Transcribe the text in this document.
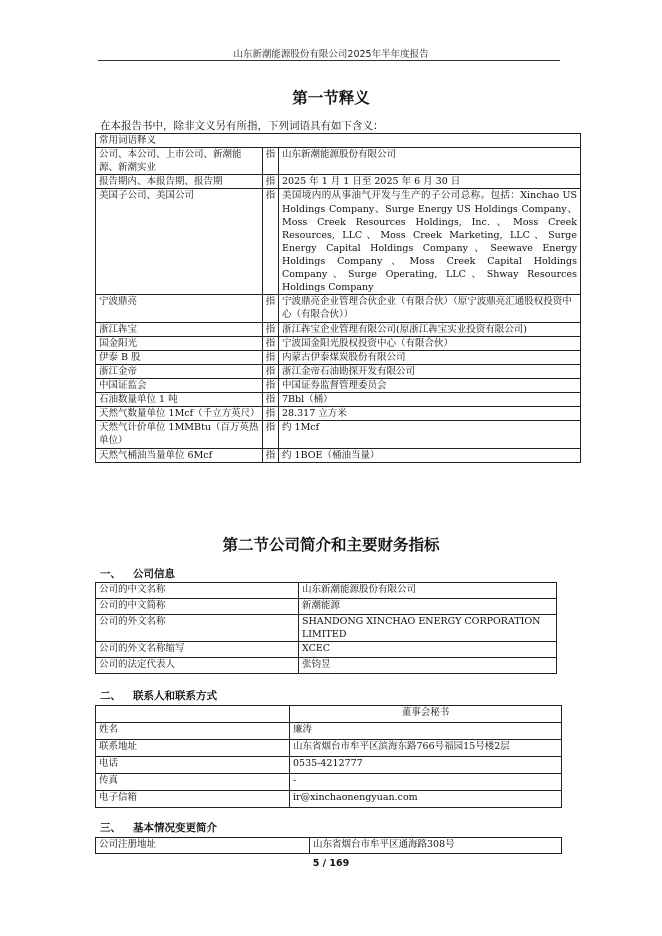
山东新潮能源股份有限公司2025年半年度报告
第一节释义
在本报告书中，除非文义另有所指，下列词语具有如下含义：
常用词语释义		
公司、本公司、上市公司、新潮能源、新潮实业	指	山东新潮能源股份有限公司
报告期内、本报告期、报告期	指	2025 年 1 月 1 日至 2025 年 6 月 30 日
美国子公司、美国公司	指	美国境内的从事油气开发与生产的子公司总称。包括：Xinchao US Holdings Company、Surge Energy US Holdings Company、Moss Creek Resources Holdings, Inc.、Moss Creek Resources, LLC、Moss Creek Marketing, LLC、Surge Energy Capital Holdings Company、Seewave Energy Holdings Company、Moss Creek Capital Holdings Company、Surge Operating, LLC、Shway Resources Holdings Company
宁波鼎亮	指	宁波鼎亮企业管理合伙企业（有限合伙）（原宁波鼎亮汇通股权投资中心（有限合伙））
浙江犇宝	指	浙江犇宝企业管理有限公司(原浙江犇宝实业投资有限公司)
国金阳光	指	宁波国金阳光股权投资中心（有限合伙）
伊泰 B 股	指	内蒙古伊泰煤炭股份有限公司
浙江金帝	指	浙江金帝石油勘探开发有限公司
中国证监会	指	中国证券监督管理委员会
石油数量单位 1 吨	指	7Bbl（桶）
天然气数量单位 1Mcf（千立方英尺）	指	28.317 立方米
天然气计价单位 1MMBtu（百万英热单位）	指	约 1Mcf
天然气桶油当量单位 6Mcf	指	约 1BOE（桶油当量）
第二节公司简介和主要财务指标
一、 公司信息
公司的中文名称	山东新潮能源股份有限公司
公司的中文简称	新潮能源
公司的外文名称	SHANDONG XINCHAO ENERGY CORPORATION LIMITED
公司的外文名称缩写	XCEC
公司的法定代表人	张钧昱
二、 联系人和联系方式
	董事会秘书
姓名	廉涛
联系地址	山东省烟台市牟平区滨海东路766号福园15号楼2层
电话	0535-4212777
传真	-
电子信箱	ir@xinchaonengyuan.com
三、 基本情况变更简介
公司注册地址	山东省烟台市牟平区通海路308号
5 / 169
